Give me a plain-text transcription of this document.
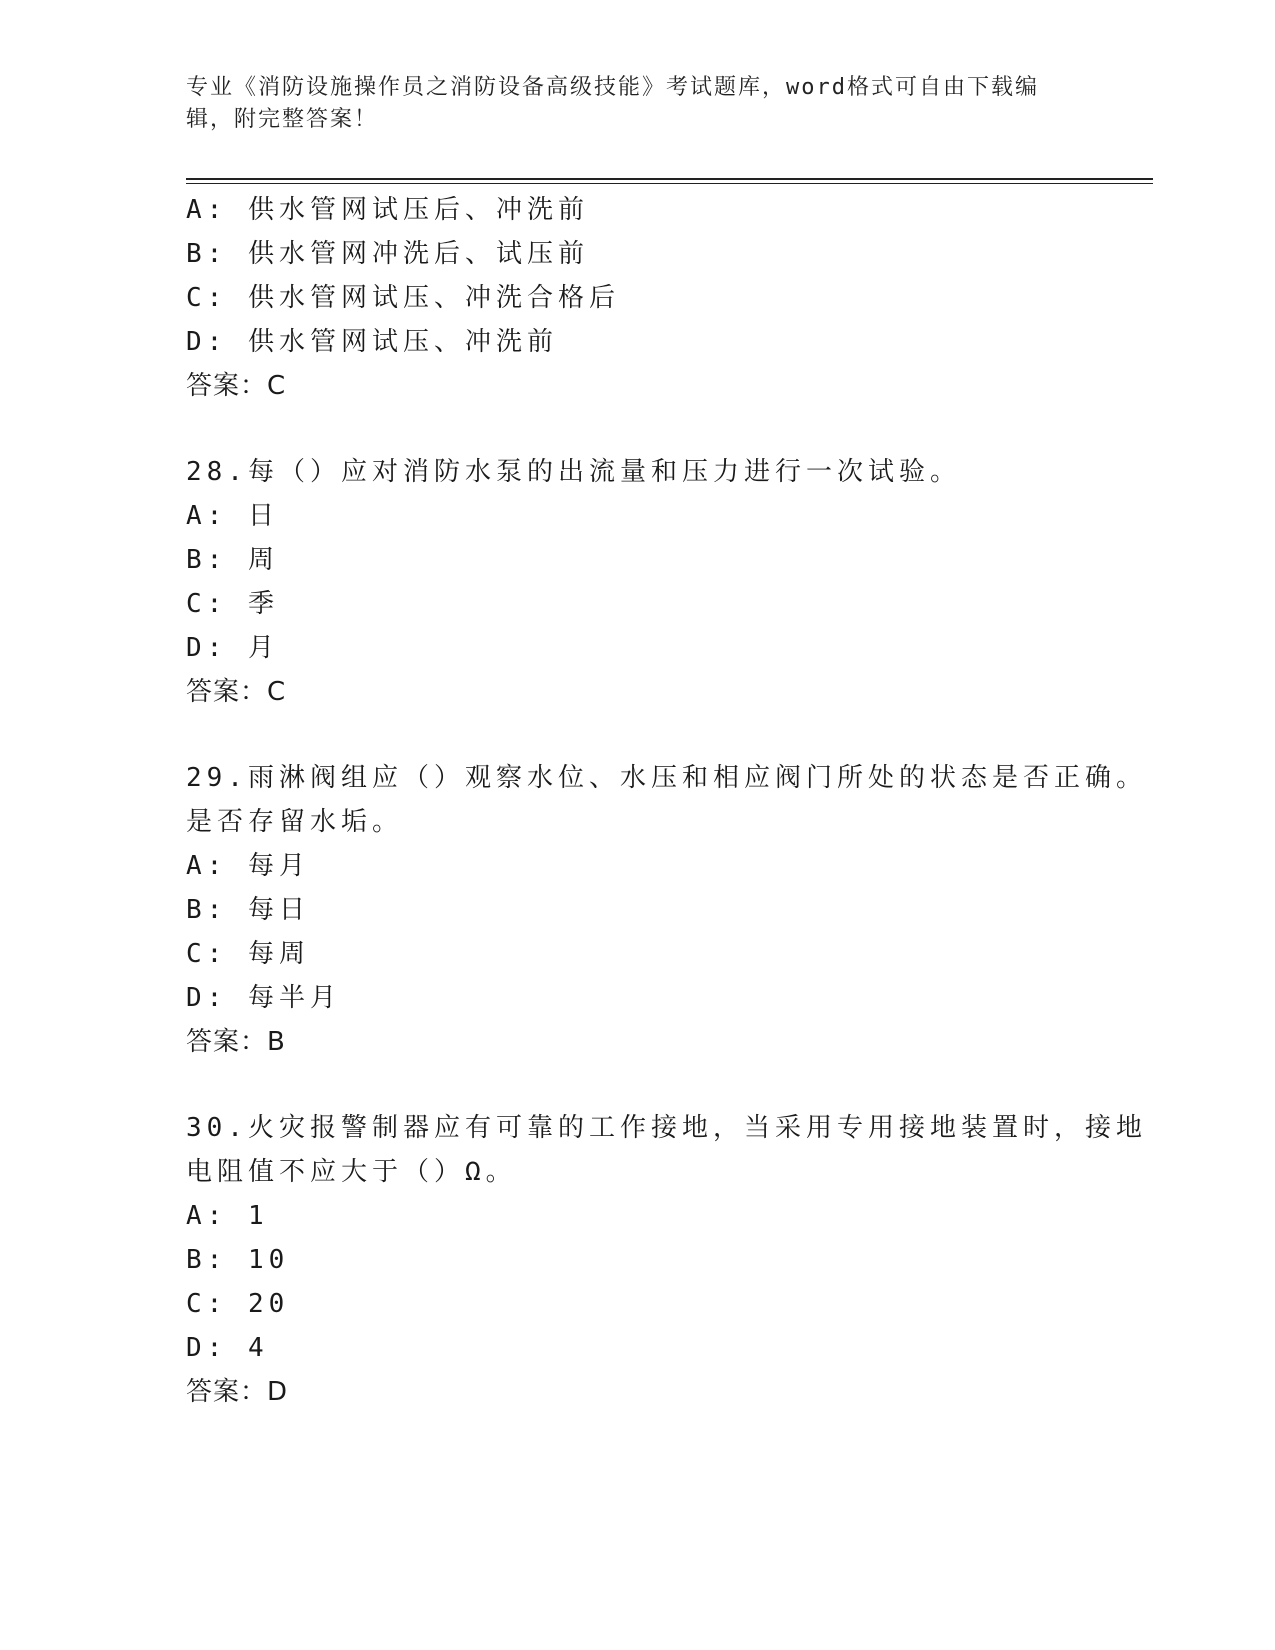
专业《消防设施操作员之消防设备高级技能》考试题库，word格式可自由下载编
辑，附完整答案！
A: 供水管网试压后、冲洗前
B: 供水管网冲洗后、试压前
C: 供水管网试压、冲洗合格后
D: 供水管网试压、冲洗前
答案：C
28.每（）应对消防水泵的出流量和压力进行一次试验。
A: 日
B: 周
C: 季
D: 月
答案：C
29.雨淋阀组应（）观察水位、水压和相应阀门所处的状态是否正确。
是否存留水垢。
A: 每月
B: 每日
C: 每周
D: 每半月
答案：B
30.火灾报警制器应有可靠的工作接地，当采用专用接地装置时，接地
电阻值不应大于（）Ω。
A: 1
B: 10
C: 20
D: 4
答案：D
